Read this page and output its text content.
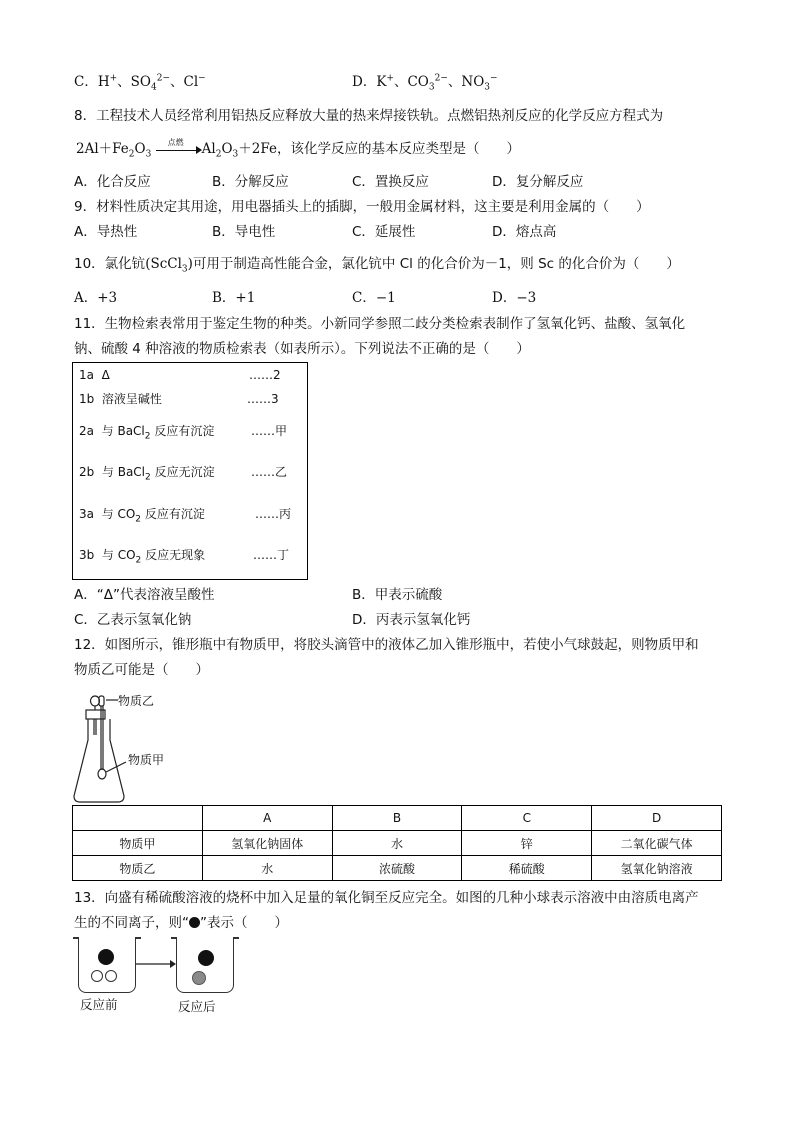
C．H+、$SO_4^{2-}$、Cl−	D．K+、$CO_3^{2-}$、$NO_3^-$
8．工程技术人员经常利用铝热反应释放大量的热来焊接铁轨。点燃铝热剂反应的化学反应方程式为
$2Al+Fe_2O_3$
点燃 $Al_2O_3+2Fe$，该化学反应的基本反应类型是（　　）
A．化合反应	B．分解反应	C．置换反应	D．复分解反应
9．材料性质决定其用途，用电器插头上的插脚，一般用金属材料，这主要是利用金属的（　　）
A．导热性	B．导电性	C．延展性	D．熔点高
10．氯化钪(ScCl$_3$)可用于制造高性能合金，氯化钪中 Cl 的化合价为－1，则 Sc 的化合价为（　　）
A．+3	B．+1	C．−1	D．−3
11．生物检索表常用于鉴定生物的种类。小新同学参照二歧分类检索表制作了氢氧化钙、盐酸、氢氧化
钠、硫酸 4 种溶液的物质检索表（如表所示）。下列说法不正确的是（　　）
1a Δ	……2
1b 溶液呈碱性	……3
2a 与 BaCl$_2$ 反应有沉淀	……甲
2b 与 BaCl$_2$ 反应无沉淀	……乙
3a 与 $CO_2$ 反应有沉淀	……丙
3b 与 $CO_2$ 反应无现象	……丁
A．“Δ”代表溶液呈酸性	B．甲表示硫酸
C．乙表示氢氧化钠	D．丙表示氢氧化钙
12．如图所示，锥形瓶中有物质甲，将胶头滴管中的液体乙加入锥形瓶中，若使小气球鼓起，则物质甲和
物质乙可能是（　　）
物质乙
物质甲
	A	B	C	D
物质甲	氢氧化钠固体	水	锌	二氧化碳气体
物质乙	水	浓硫酸	稀硫酸	氢氧化钠溶液
13．向盛有稀硫酸溶液的烧杯中加入足量的氧化铜至反应完全。如图的几种小球表示溶液中由溶质电离产
生的不同离子，则“ ”表示（　　）
反应前	反应后
